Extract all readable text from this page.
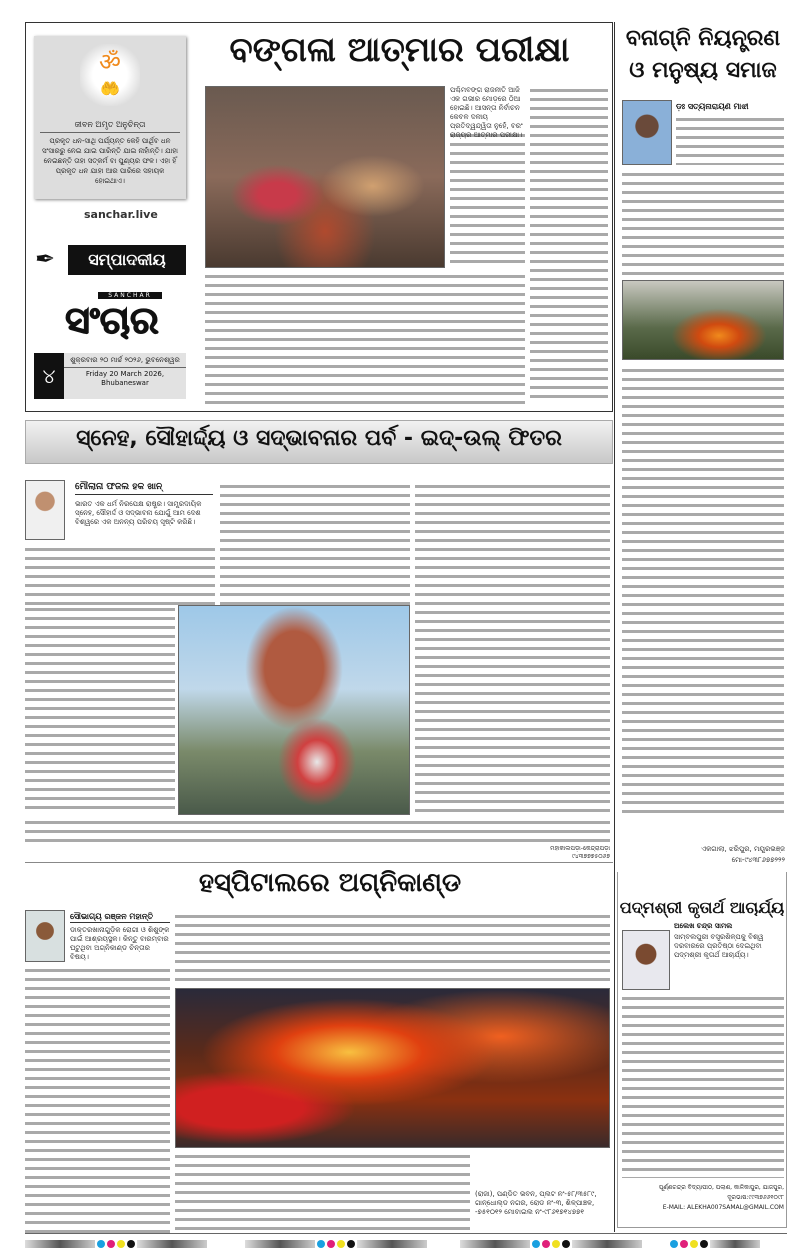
ॐ
🤲
ଜୀବନ ଅମୃତ ଅନୁଚିନ୍ତା
ପ୍ରକୃତ ଧନ-ସାଥି ପର୍ଯ୍ୟନ୍ତ କେହି ପାର୍ଥିବ ଧନ ସଂସାରରୁ ନେଇ ଯାଇ ପାରିନ୍ତି ଯାଇ ନାହାଁନ୍ତି। ଯାହା ନେଇଛନ୍ତି ତାହା ସତ୍‌କର୍ମ ବା ପୁଣ୍ୟର ଫଳ। ଏହା ହିଁ ପ୍ରକୃତ ଧନ ଯାହା ଆର ପାରିରେ ସହାୟକ ହୋଇଥାଏ।
sanchar.live
✒	ସମ୍ପାଦକୀୟ
SANCHAR
ସଂଚାର
୪
ଶୁକ୍ରବାର ୨୦ ମାର୍ଚ୍ଚ ୨୦୨୬, ଭୁବନେଶ୍ୱର
Friday 20 March 2026, Bhubaneswar
ବଙ୍ଗଳା ଆତ୍ମାର ପରୀକ୍ଷା
ପଶ୍ଚିମବଙ୍ଗ ରାଜନୀତି ଆଜି ଏକ ଗଭୀର ମୋଡ଼ରେ ଠିଆ ହୋଇଛି। ଆସନ୍ତା ନିର୍ବାଚନ କେବଳ ଦଳୀୟ ପ୍ରତିଦ୍ୱନ୍ଦ୍ୱିତା ନୁହେଁ, ବରଂ ରାଜ୍ୟର ଆତ୍ମାର ପରୀକ୍ଷା।
ବନାଗ୍ନି ନିୟନ୍ତ୍ରଣ
ଓ ମନୁଷ୍ୟ ସମାଜ
ଡ଼ଃ ସତ୍ୟନାରାୟଣ ମାଝୀ
ଏକଗାଲା, ଝରିପୁର, ମୟୂରଭଞ୍ଜ
ମୋ-୯୪୩୮୬୭୭୨୨୨
ସ୍ନେହ, ସୌହାର୍ଦ୍ଦ୍ୟ ଓ ସଦ୍ଭାବନାର ପର୍ବ - ଇଦ୍-ଉଲ୍ ଫିତର
ମୌଲାନା ଫଜଲ ହକ ଖାନ୍
ଭାରତ ଏକ ଧର୍ମ ନିରପେକ୍ଷ ରାଷ୍ଟ୍ର। ସାମ୍ପ୍ରଦାୟିକ ସ୍ନେହ, ସୌହାର୍ଦ୍ଦ ଓ ସଦ୍ଭାବନା ଯୋଗୁଁ ଆମ ଦେଶ ବିଶ୍ୱରେ ଏକ ଅନନ୍ୟ ପରିଚୟ ସୃଷ୍ଟି କରିଛି।
ମହାକାଲପଡ଼ା-କେନ୍ଦ୍ରାପଡ଼ା
୯୪୩୭୭୭୫୦୬୭
ହସ୍ପିଟାଲରେ ଅଗ୍ନିକାଣ୍ଡ
ସୌଭାଗ୍ୟ ରଞ୍ଜନ ମହାନ୍ତି
ଡାକ୍ତରଖାନାଗୁଡ଼ିକ ରୋଗୀ ଓ ଶିଶୁଙ୍କ ପାଇଁ ଆଶ୍ରୟସ୍ଥଳ। କିନ୍ତୁ ବାରମ୍ବାର ଘଟୁଥିବା ଅଗ୍ନିକାଣ୍ଡ ଚିନ୍ତାର ବିଷୟ।
(ରାଜା), ପଣ୍ଡିତ ଭବନ, ପ୍ଲଟ ନଂ-୫୮/୩୫୮୯, ଗାନ୍ଧୋଲ୍ଡ ନଗର, ରୋଡ ନଂ-୩, ଶିଳ୍ପାଞ୍ଚଳ, -୭୫୧୦୧୨ ମୋବାଇଲ ନଂ-୯୮୬୧୭୧୪୭୭୧
ପଦ୍ମଶ୍ରୀ କୃତାର୍ଥ ଆଚାର୍ଯ୍ୟ
ଅଲେଖ ଚନ୍ଦ୍ର ସାମଲ
ସାମ୍ବଲପୁରୀ ବସ୍ତ୍ରଶିଳ୍ପକୁ ବିଶ୍ୱ ଦରବାରରେ ପ୍ରତିଷ୍ଠା ଦେଇଥିବା ପଦ୍ମଶ୍ରୀ କୃତାର୍ଥ ଆଚାର୍ଯ୍ୟ।
ପୂର୍ଣ୍ଣଚନ୍ଦ୍ର ବିଦ୍ୟାପୀଠ, ପଲାଶ, କାଳିକାପୁର, ଯାଜପୁର,
ଦୂରଭାଷ:୯୯୩୭୬୬୧୦୯୮
E-MAIL: ALEKHA007SAMAL@GMAIL.COM
